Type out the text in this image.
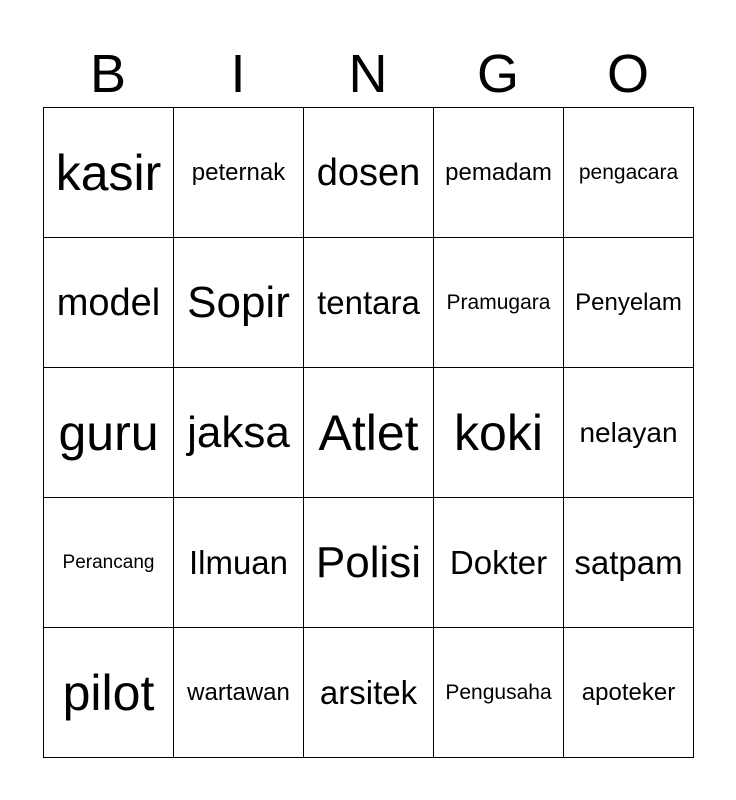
B	I	N	G	O
kasir peternak dosen pemadam pengacara
model Sopir tentara Pramugara Penyelam
guru jaksa Atlet koki nelayan
Perancang Ilmuan Polisi Dokter satpam
pilot wartawan arsitek Pengusaha apoteker
